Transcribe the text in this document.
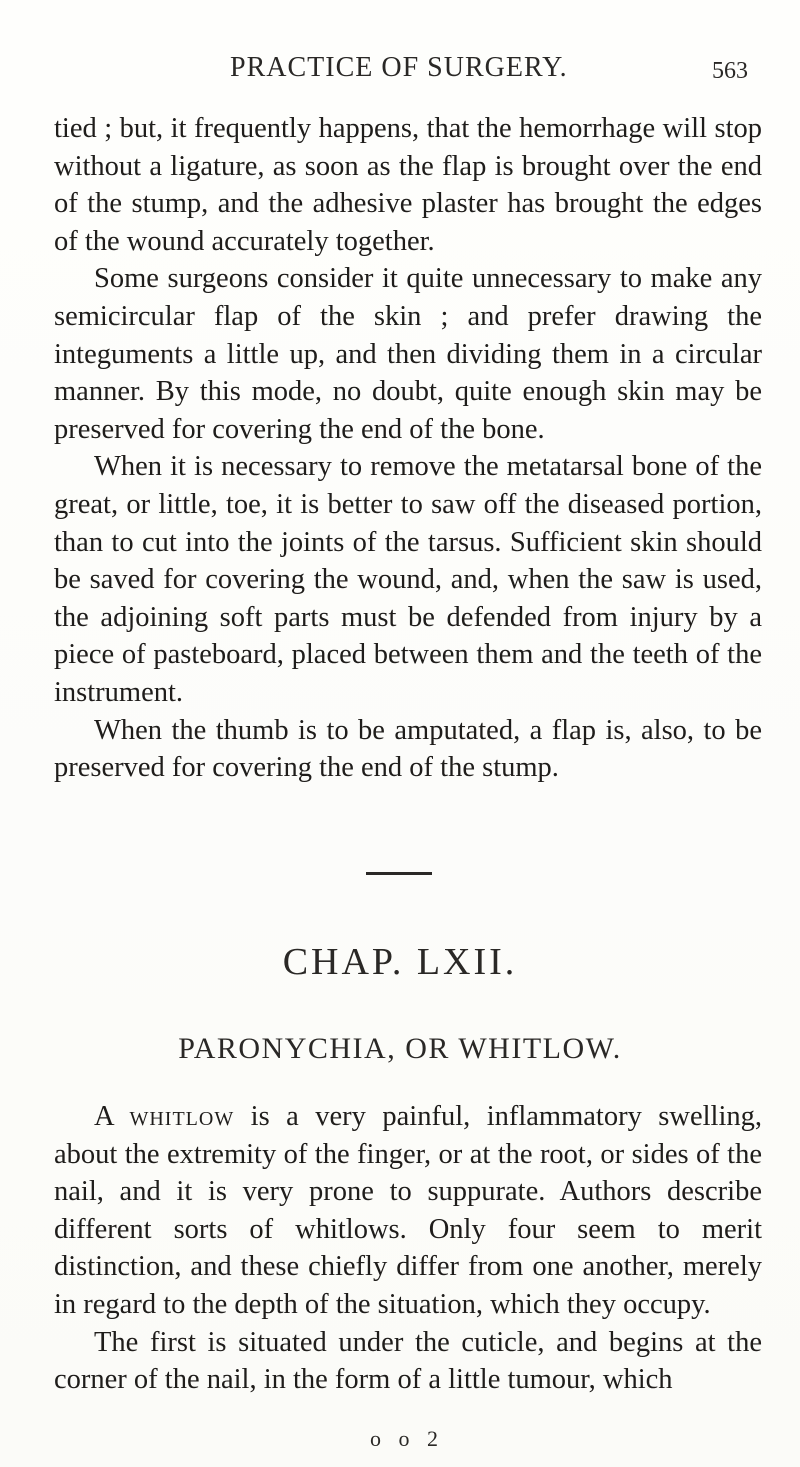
PRACTICE OF SURGERY.	563

tied ; but, it frequently happens, that the hemorrhage will stop without a ligature, as soon as the flap is brought over the end of the stump, and the adhesive plaster has brought the edges of the wound accurately together.

Some surgeons consider it quite unnecessary to make any semicircular flap of the skin ; and prefer drawing the integuments a little up, and then dividing them in a circular manner. By this mode, no doubt, quite enough skin may be preserved for covering the end of the bone.

When it is necessary to remove the metatarsal bone of the great, or little, toe, it is better to saw off the diseased portion, than to cut into the joints of the tarsus. Sufficient skin should be saved for covering the wound, and, when the saw is used, the adjoining soft parts must be defended from injury by a piece of pasteboard, placed between them and the teeth of the instrument.

When the thumb is to be amputated, a flap is, also, to be preserved for covering the end of the stump.

CHAP. LXII.
PARONYCHIA, OR WHITLOW.

A whitlow is a very painful, inflammatory swelling, about the extremity of the finger, or at the root, or sides of the nail, and it is very prone to suppurate. Authors describe different sorts of whitlows. Only four seem to merit distinction, and these chiefly differ from one another, merely in regard to the depth of the situation, which they occupy.

The first is situated under the cuticle, and begins at the corner of the nail, in the form of a little tumour, which

o o 2
